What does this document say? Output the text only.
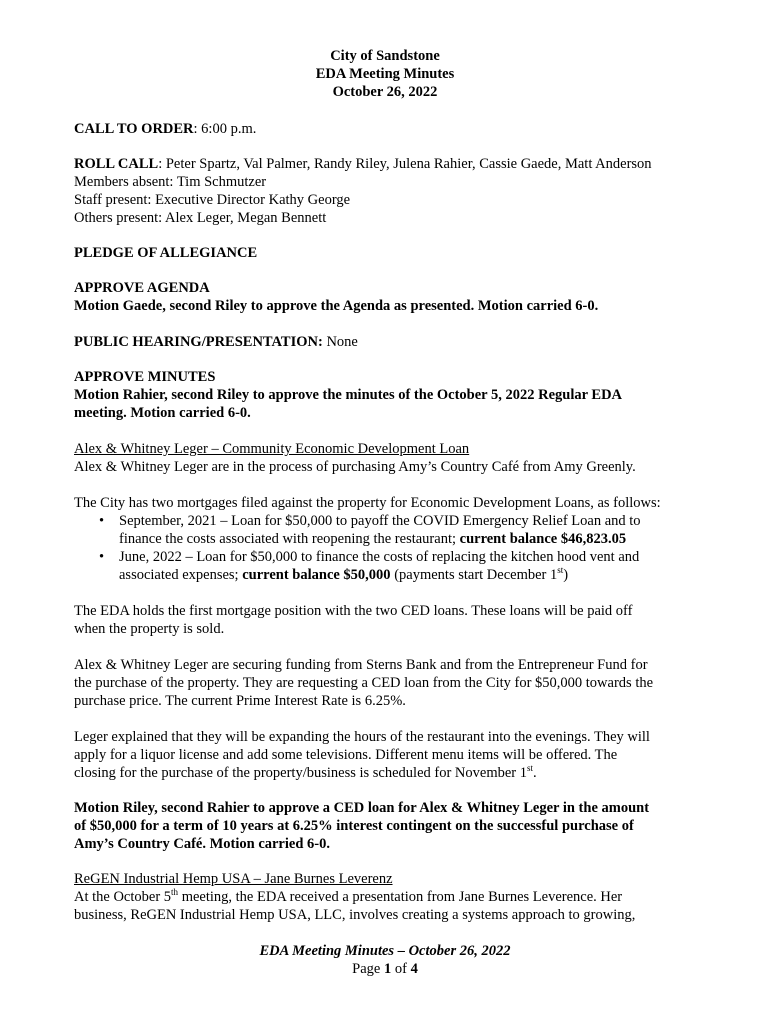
City of Sandstone
EDA Meeting Minutes
October 26, 2022
CALL TO ORDER: 6:00 p.m.
ROLL CALL: Peter Spartz, Val Palmer, Randy Riley, Julena Rahier, Cassie Gaede, Matt Anderson
Members absent: Tim Schmutzer
Staff present: Executive Director Kathy George
Others present: Alex Leger, Megan Bennett
PLEDGE OF ALLEGIANCE
APPROVE AGENDA
Motion Gaede, second Riley to approve the Agenda as presented. Motion carried 6-0.
PUBLIC HEARING/PRESENTATION: None
APPROVE MINUTES
Motion Rahier, second Riley to approve the minutes of the October 5, 2022 Regular EDA
meeting. Motion carried 6-0.
Alex & Whitney Leger – Community Economic Development Loan
Alex & Whitney Leger are in the process of purchasing Amy’s Country Café from Amy Greenly.
The City has two mortgages filed against the property for Economic Development Loans, as follows:
• September, 2021 – Loan for $50,000 to payoff the COVID Emergency Relief Loan and to
finance the costs associated with reopening the restaurant; current balance $46,823.05
• June, 2022 – Loan for $50,000 to finance the costs of replacing the kitchen hood vent and
associated expenses; current balance $50,000 (payments start December 1st)
The EDA holds the first mortgage position with the two CED loans. These loans will be paid off
when the property is sold.
Alex & Whitney Leger are securing funding from Sterns Bank and from the Entrepreneur Fund for
the purchase of the property. They are requesting a CED loan from the City for $50,000 towards the
purchase price. The current Prime Interest Rate is 6.25%.
Leger explained that they will be expanding the hours of the restaurant into the evenings. They will
apply for a liquor license and add some televisions. Different menu items will be offered. The
closing for the purchase of the property/business is scheduled for November 1st.
Motion Riley, second Rahier to approve a CED loan for Alex & Whitney Leger in the amount
of $50,000 for a term of 10 years at 6.25% interest contingent on the successful purchase of
Amy’s Country Café. Motion carried 6-0.
ReGEN Industrial Hemp USA – Jane Burnes Leverenz
At the October 5th meeting, the EDA received a presentation from Jane Burnes Leverence. Her
business, ReGEN Industrial Hemp USA, LLC, involves creating a systems approach to growing,
EDA Meeting Minutes – October 26, 2022
Page 1 of 4
